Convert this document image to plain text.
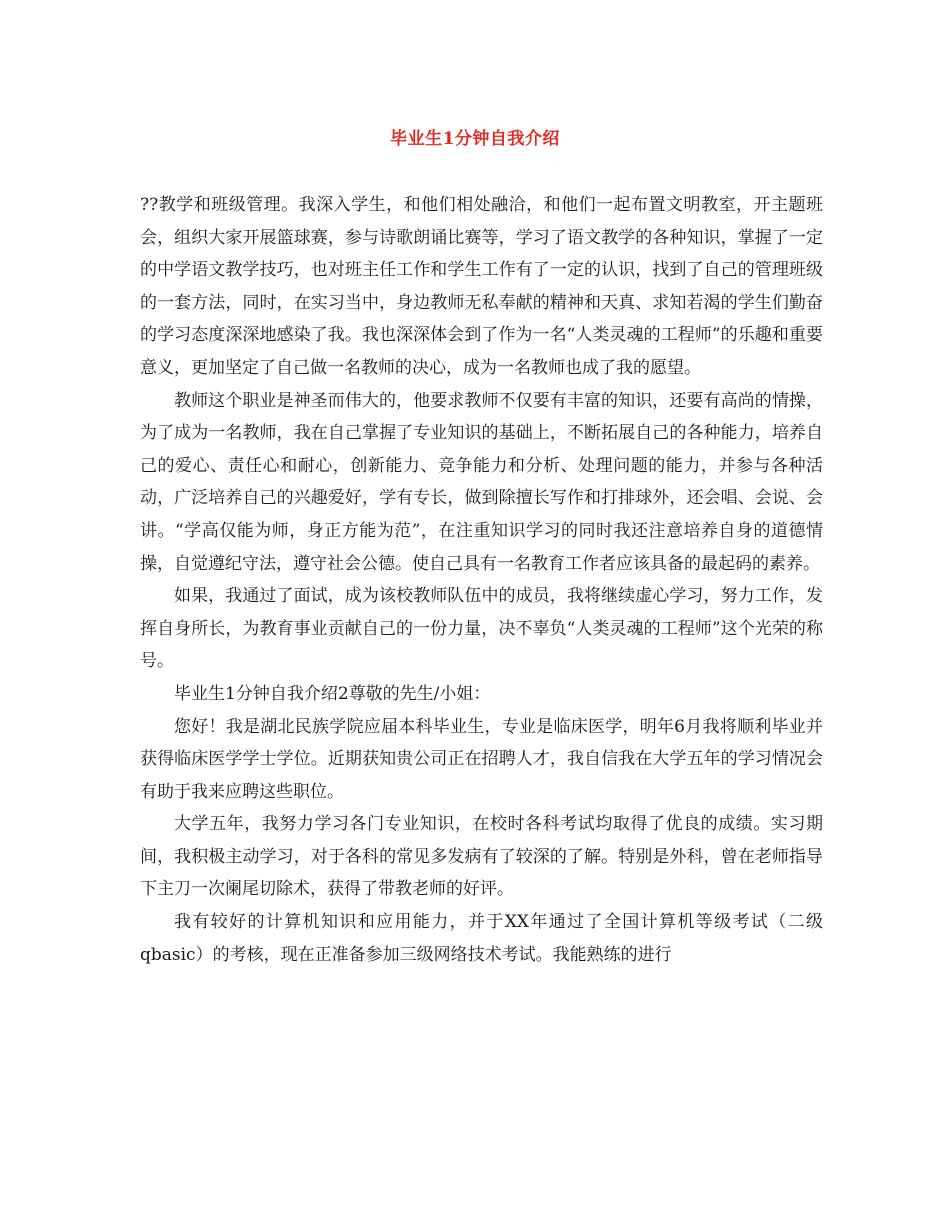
毕业生1分钟自我介绍

??教学和班级管理。我深入学生，和他们相处融洽，和他们一起布置文明教室，开主题班会，组织大家开展篮球赛，参与诗歌朗诵比赛等，学习了语文教学的各种知识，掌握了一定的中学语文教学技巧，也对班主任工作和学生工作有了一定的认识，找到了自己的管理班级的一套方法，同时，在实习当中，身边教师无私奉献的精神和天真、求知若渴的学生们勤奋的学习态度深深地感染了我。我也深深体会到了作为一名“人类灵魂的工程师”的乐趣和重要意义，更加坚定了自己做一名教师的决心，成为一名教师也成了我的愿望。

教师这个职业是神圣而伟大的，他要求教师不仅要有丰富的知识，还要有高尚的情操，为了成为一名教师，我在自己掌握了专业知识的基础上，不断拓展自己的各种能力，培养自己的爱心、责任心和耐心，创新能力、竞争能力和分析、处理问题的能力，并参与各种活动，广泛培养自己的兴趣爱好，学有专长，做到除擅长写作和打排球外，还会唱、会说、会讲。“学高仅能为师，身正方能为范”，在注重知识学习的同时我还注意培养自身的道德情操，自觉遵纪守法，遵守社会公德。使自己具有一名教育工作者应该具备的最起码的素养。

如果，我通过了面试，成为该校教师队伍中的成员，我将继续虚心学习，努力工作，发挥自身所长，为教育事业贡献自己的一份力量，决不辜负“人类灵魂的工程师”这个光荣的称号。

毕业生1分钟自我介绍2尊敬的先生/小姐：

您好！我是湖北民族学院应届本科毕业生，专业是临床医学，明年6月我将顺利毕业并获得临床医学学士学位。近期获知贵公司正在招聘人才，我自信我在大学五年的学习情况会有助于我来应聘这些职位。

大学五年，我努力学习各门专业知识，在校时各科考试均取得了优良的成绩。实习期间，我积极主动学习，对于各科的常见多发病有了较深的了解。特别是外科，曾在老师指导下主刀一次阑尾切除术，获得了带教老师的好评。

我有较好的计算机知识和应用能力，并于XX年通过了全国计算机等级考试（二级qbasic）的考核，现在正准备参加三级网络技术考试。我能熟练的进行
